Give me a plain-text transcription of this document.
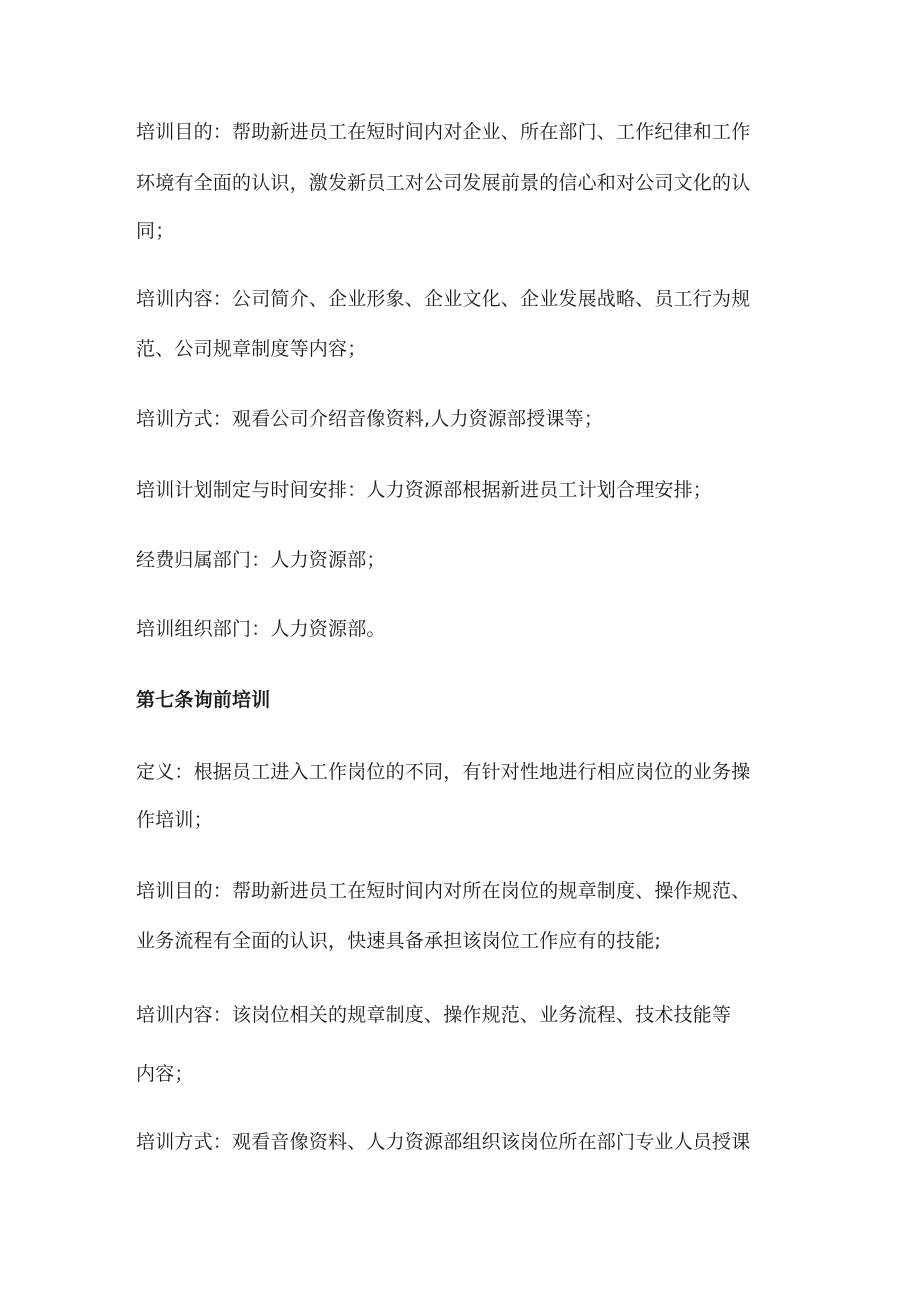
培训目的：帮助新进员工在短时间内对企业、所在部门、工作纪律和工作
环境有全面的认识，激发新员工对公司发展前景的信心和对公司文化的认
同；
培训内容：公司简介、企业形象、企业文化、企业发展战略、员工行为规
范、公司规章制度等内容；
培训方式：观看公司介绍音像资料,人力资源部授课等；
培训计划制定与时间安排：人力资源部根据新进员工计划合理安排；
经费归属部门：人力资源部；
培训组织部门：人力资源部。
第七条询前培训
定义：根据员工进入工作岗位的不同，有针对性地进行相应岗位的业务操
作培训；
培训目的：帮助新进员工在短时间内对所在岗位的规章制度、操作规范、
业务流程有全面的认识，快速具备承担该岗位工作应有的技能;
培训内容：该岗位相关的规章制度、操作规范、业务流程、技术技能等
内容；
培训方式：观看音像资料、人力资源部组织该岗位所在部门专业人员授课
